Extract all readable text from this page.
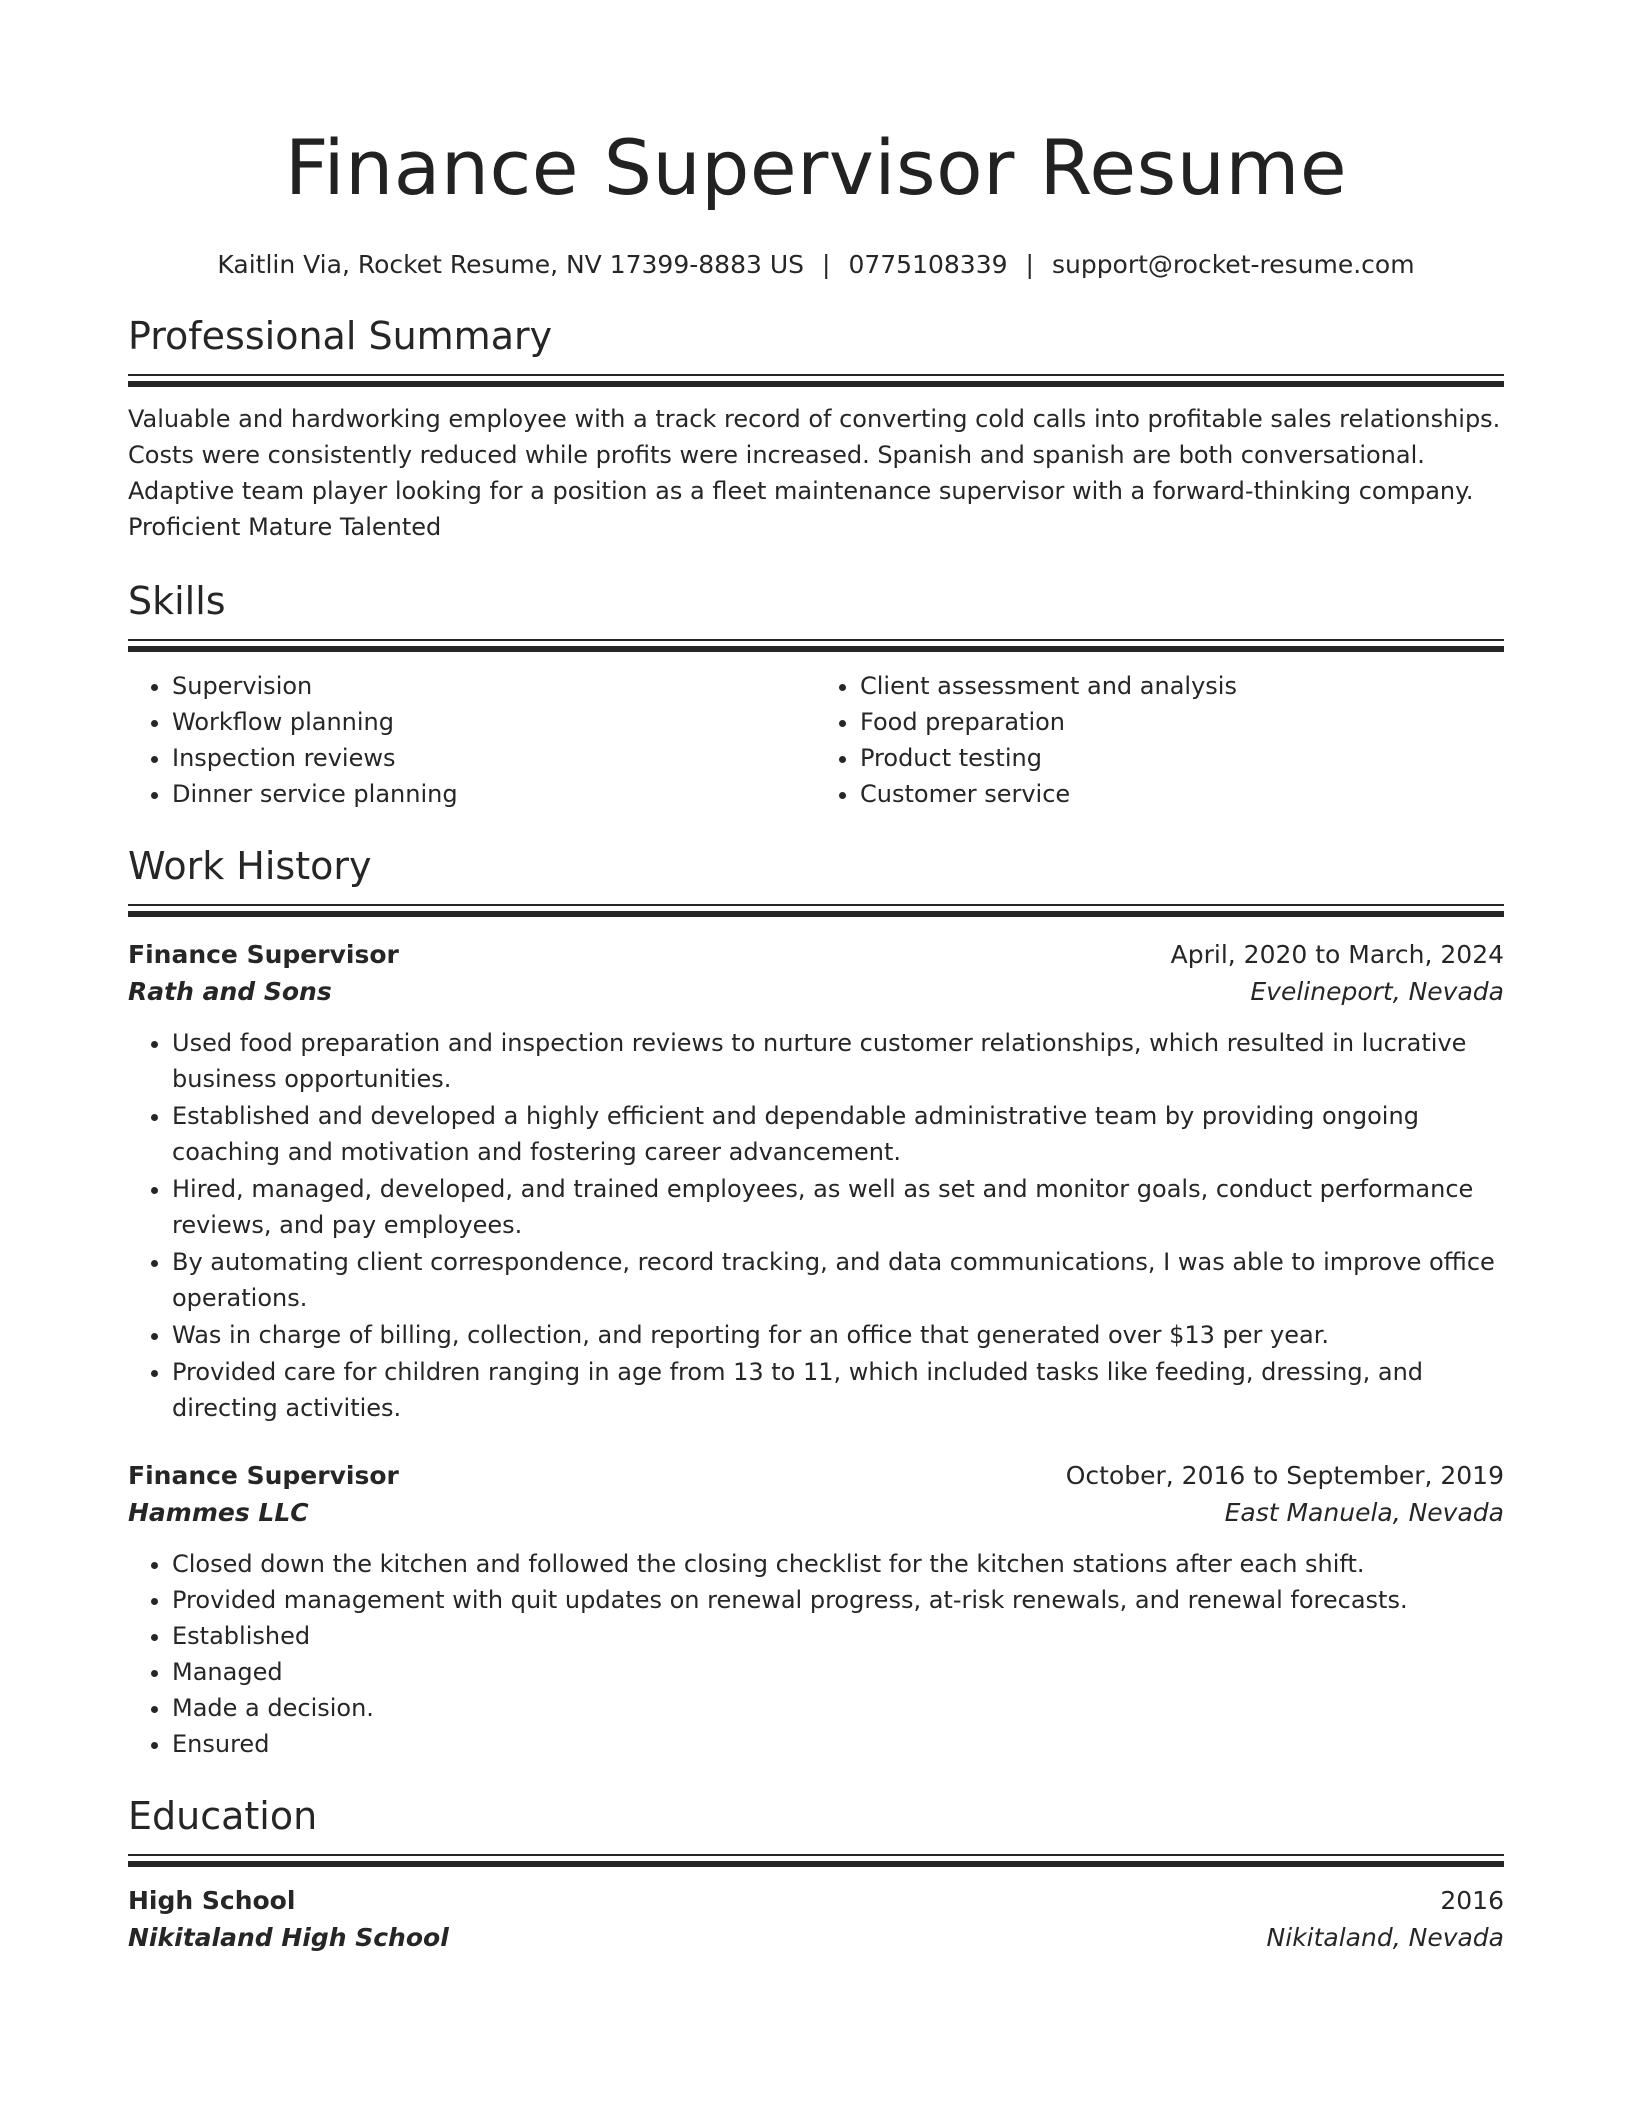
Finance Supervisor Resume
Kaitlin Via, Rocket Resume, NV 17399-8883 US | 0775108339 | support@rocket-resume.com
Professional Summary
Valuable and hardworking employee with a track record of converting cold calls into profitable sales relationships. Costs were consistently reduced while profits were increased. Spanish and spanish are both conversational. Adaptive team player looking for a position as a fleet maintenance supervisor with a forward-thinking company. Proficient Mature Talented
Skills
• Supervision
• Workflow planning
• Inspection reviews
• Dinner service planning
• Client assessment and analysis
• Food preparation
• Product testing
• Customer service
Work History
Finance Supervisor	April, 2020 to March, 2024
Rath and Sons	Evelineport, Nevada
• Used food preparation and inspection reviews to nurture customer relationships, which resulted in lucrative business opportunities.
• Established and developed a highly efficient and dependable administrative team by providing ongoing coaching and motivation and fostering career advancement.
• Hired, managed, developed, and trained employees, as well as set and monitor goals, conduct performance reviews, and pay employees.
• By automating client correspondence, record tracking, and data communications, I was able to improve office operations.
• Was in charge of billing, collection, and reporting for an office that generated over $13 per year.
• Provided care for children ranging in age from 13 to 11, which included tasks like feeding, dressing, and directing activities.
Finance Supervisor	October, 2016 to September, 2019
Hammes LLC	East Manuela, Nevada
• Closed down the kitchen and followed the closing checklist for the kitchen stations after each shift.
• Provided management with quit updates on renewal progress, at-risk renewals, and renewal forecasts.
• Established
• Managed
• Made a decision.
• Ensured
Education
High School	2016
Nikitaland High School	Nikitaland, Nevada
